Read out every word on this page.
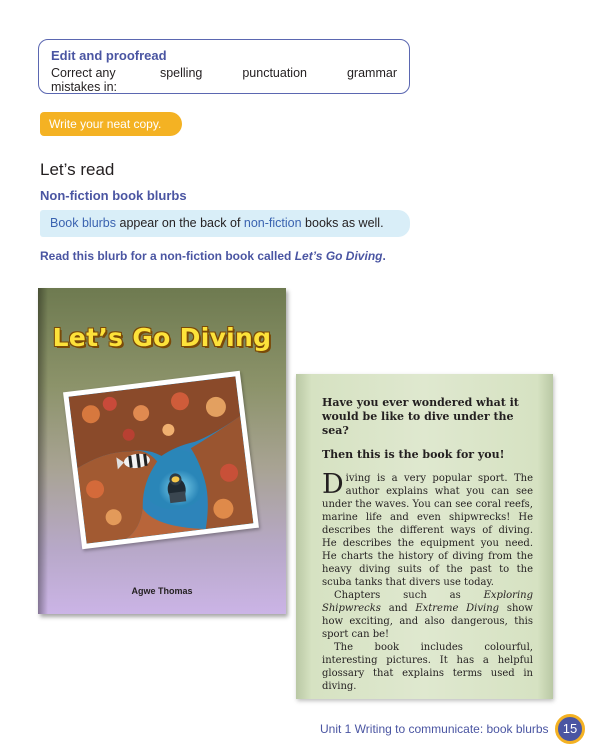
Edit and proofread
Correct any mistakes in:
spelling	punctuation	grammar
Write your neat copy.
Let’s read
Non-fiction book blurbs
Book blurbs appear on the back of non-fiction books as well.
Read this blurb for a non-fiction book called Let’s Go Diving.
Let’s Go Diving
Agwe Thomas
Have you ever wondered what it would be like to dive under the sea?
Then this is the book for you!

Diving is a very popular sport. The author explains what you can see under the waves. You can see coral reefs, marine life and even shipwrecks! He describes the different ways of diving. He describes the equipment you need. He charts the history of diving from the heavy diving suits of the past to the scuba tanks that divers use today.

Chapters such as Exploring Shipwrecks and Extreme Diving show how exciting, and also dangerous, this sport can be!

The book includes colourful, interesting pictures. It has a helpful glossary that explains terms used in diving.

Unit 1 Writing to communicate: book blurbs	15
